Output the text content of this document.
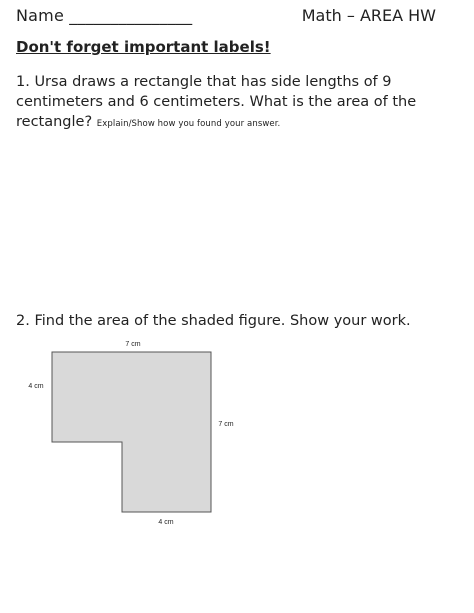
Name _______________	Math – AREA HW
Don't forget important labels!
1. Ursa draws a rectangle that has side lengths of 9 centimeters and 6 centimeters. What is the area of the rectangle? Explain/Show how you found your answer.
2. Find the area of the shaded figure. Show your work.
7 cm
4 cm
7 cm
4 cm
